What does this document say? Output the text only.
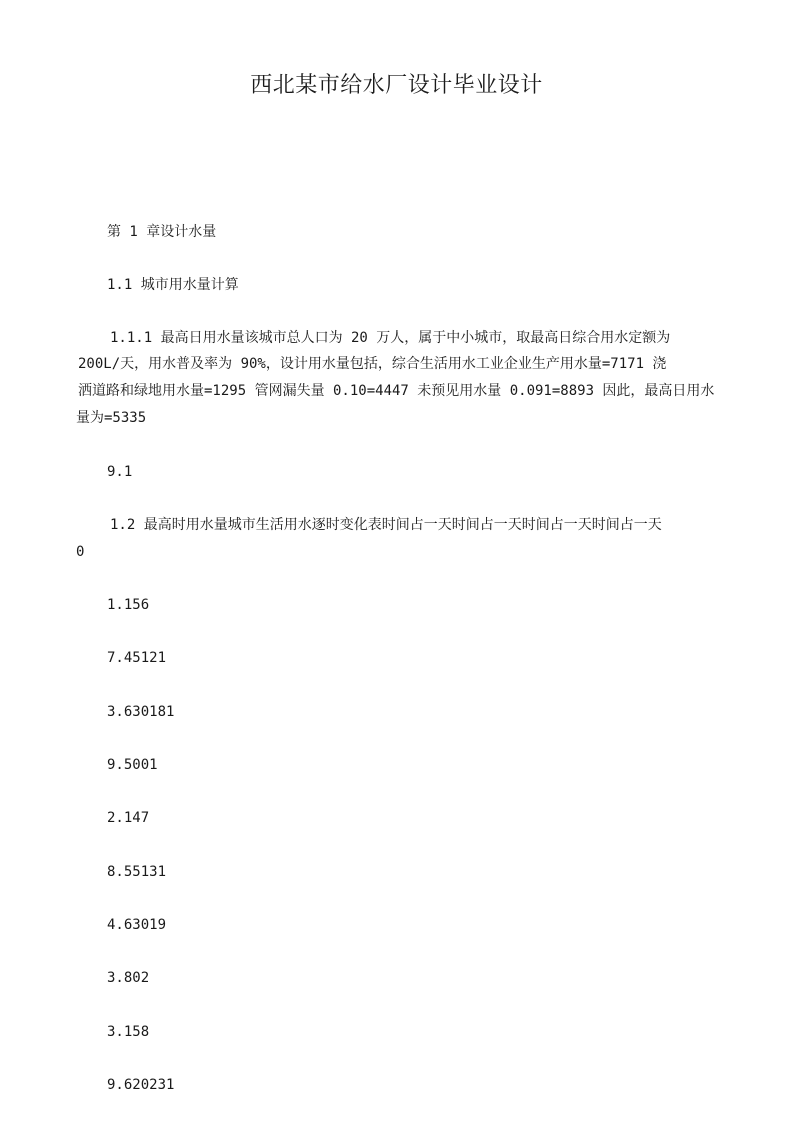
西北某市给水厂设计毕业设计
第 1 章设计水量
1.1 城市用水量计算
1.1.1 最高日用水量该城市总人口为 20 万人，属于中小城市，取最高日综合用水定额为
200L/天，用水普及率为 90%，设计用水量包括，综合生活用水工业企业生产用水量=7171 浇
洒道路和绿地用水量=1295 管网漏失量 0.10=4447 未预见用水量 0.091=8893 因此，最高日用水
量为=5335
9.1
1.2 最高时用水量城市生活用水逐时变化表时间占一天时间占一天时间占一天时间占一天
0
1.156
7.45121
3.630181
9.5001
2.147
8.55131
4.63019
3.802
3.158
9.620231
